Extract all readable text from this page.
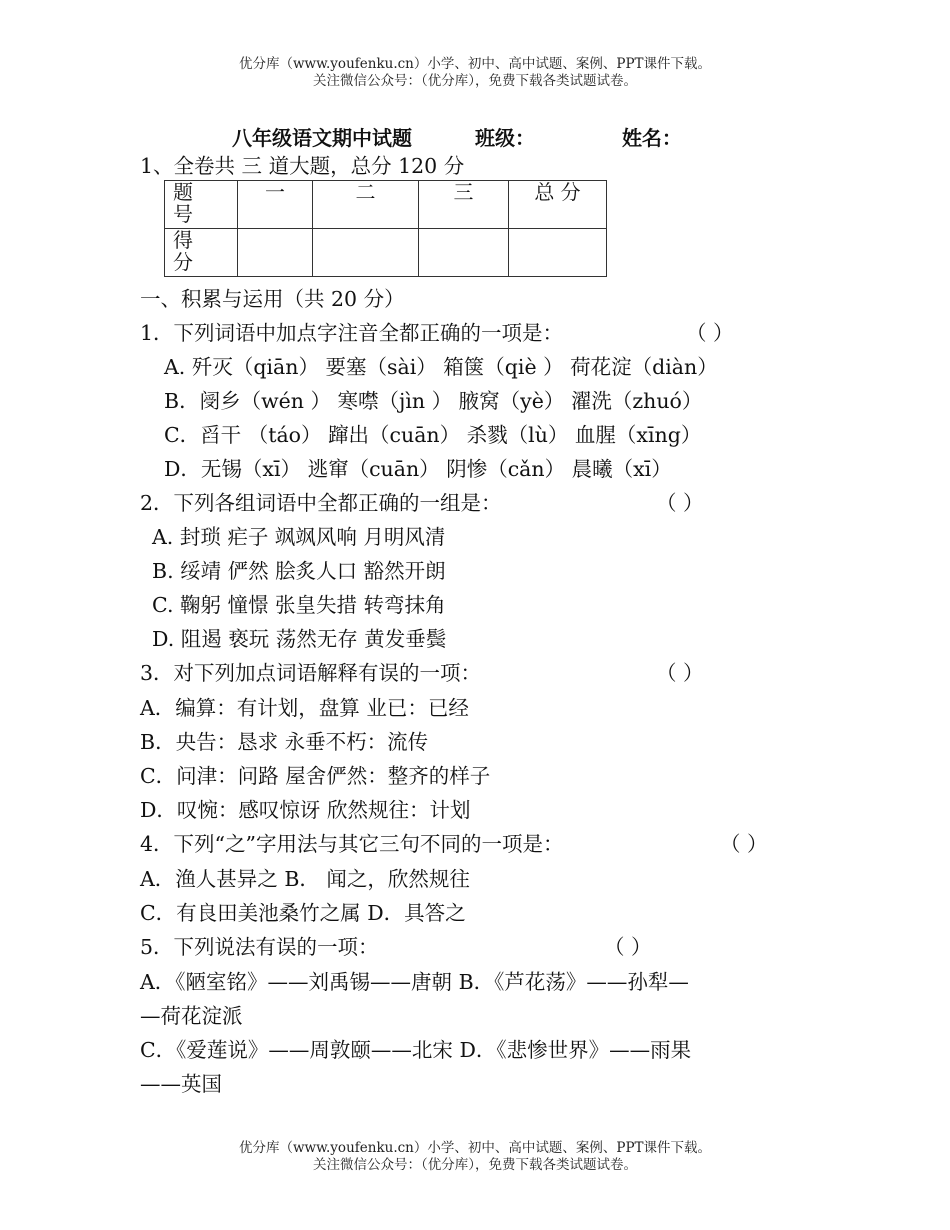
优分库（www.youfenku.cn）小学、初中、高中试题、案例、PPT课件下载。
关注微信公众号：（优分库），免费下载各类试题试卷。
八年级语文期中试题	班级：	姓名：
1、全卷共 三 道大题，总分 120 分
题号	一	二	三	总 分

得分				

一、积累与运用（共 20 分）
1．下列词语中加点字注音全都正确的一项是：	（ ）
A. 歼灭（qiān） 要塞（sài） 箱箧（qiè ） 荷花淀（diàn）
B．阌乡（wén ） 寒噤（jìn ） 腋窝（yè） 濯洗（zhuó）
C．舀干 （táo） 蹿出（cuān） 杀戮（lù） 血腥（xīng）
D．无锡（xī） 逃窜（cuān） 阴惨（cǎn） 晨曦（xī）
2．下列各组词语中全都正确的一组是：	（ ）
A. 封琐 疟子 飒飒风响 月明风清
B. 绥靖 俨然 脍炙人口 豁然开朗
C. 鞠躬 憧憬 张皇失措 转弯抹角
D. 阻遏 亵玩 荡然无存 黄发垂鬓
3．对下列加点词语解释有误的一项：	（ ）
A．编算：有计划，盘算 业已：已经
B．央告：恳求 永垂不朽：流传
C．问津：问路 屋舍俨然：整齐的样子
D．叹惋：感叹惊讶 欣然规往：计划
4．下列“之”字用法与其它三句不同的一项是：	（ ）
A．渔人甚异之 B． 闻之，欣然规往
C．有良田美池桑竹之属 D．具答之
5．下列说法有误的一项：	（ ）
A．《陋室铭》——刘禹锡——唐朝 B．《芦花荡》——孙犁—
—荷花淀派
C．《爱莲说》——周敦颐——北宋 D．《悲惨世界》——雨果
——英国
优分库（www.youfenku.cn）小学、初中、高中试题、案例、PPT课件下载。
关注微信公众号：（优分库），免费下载各类试题试卷。
